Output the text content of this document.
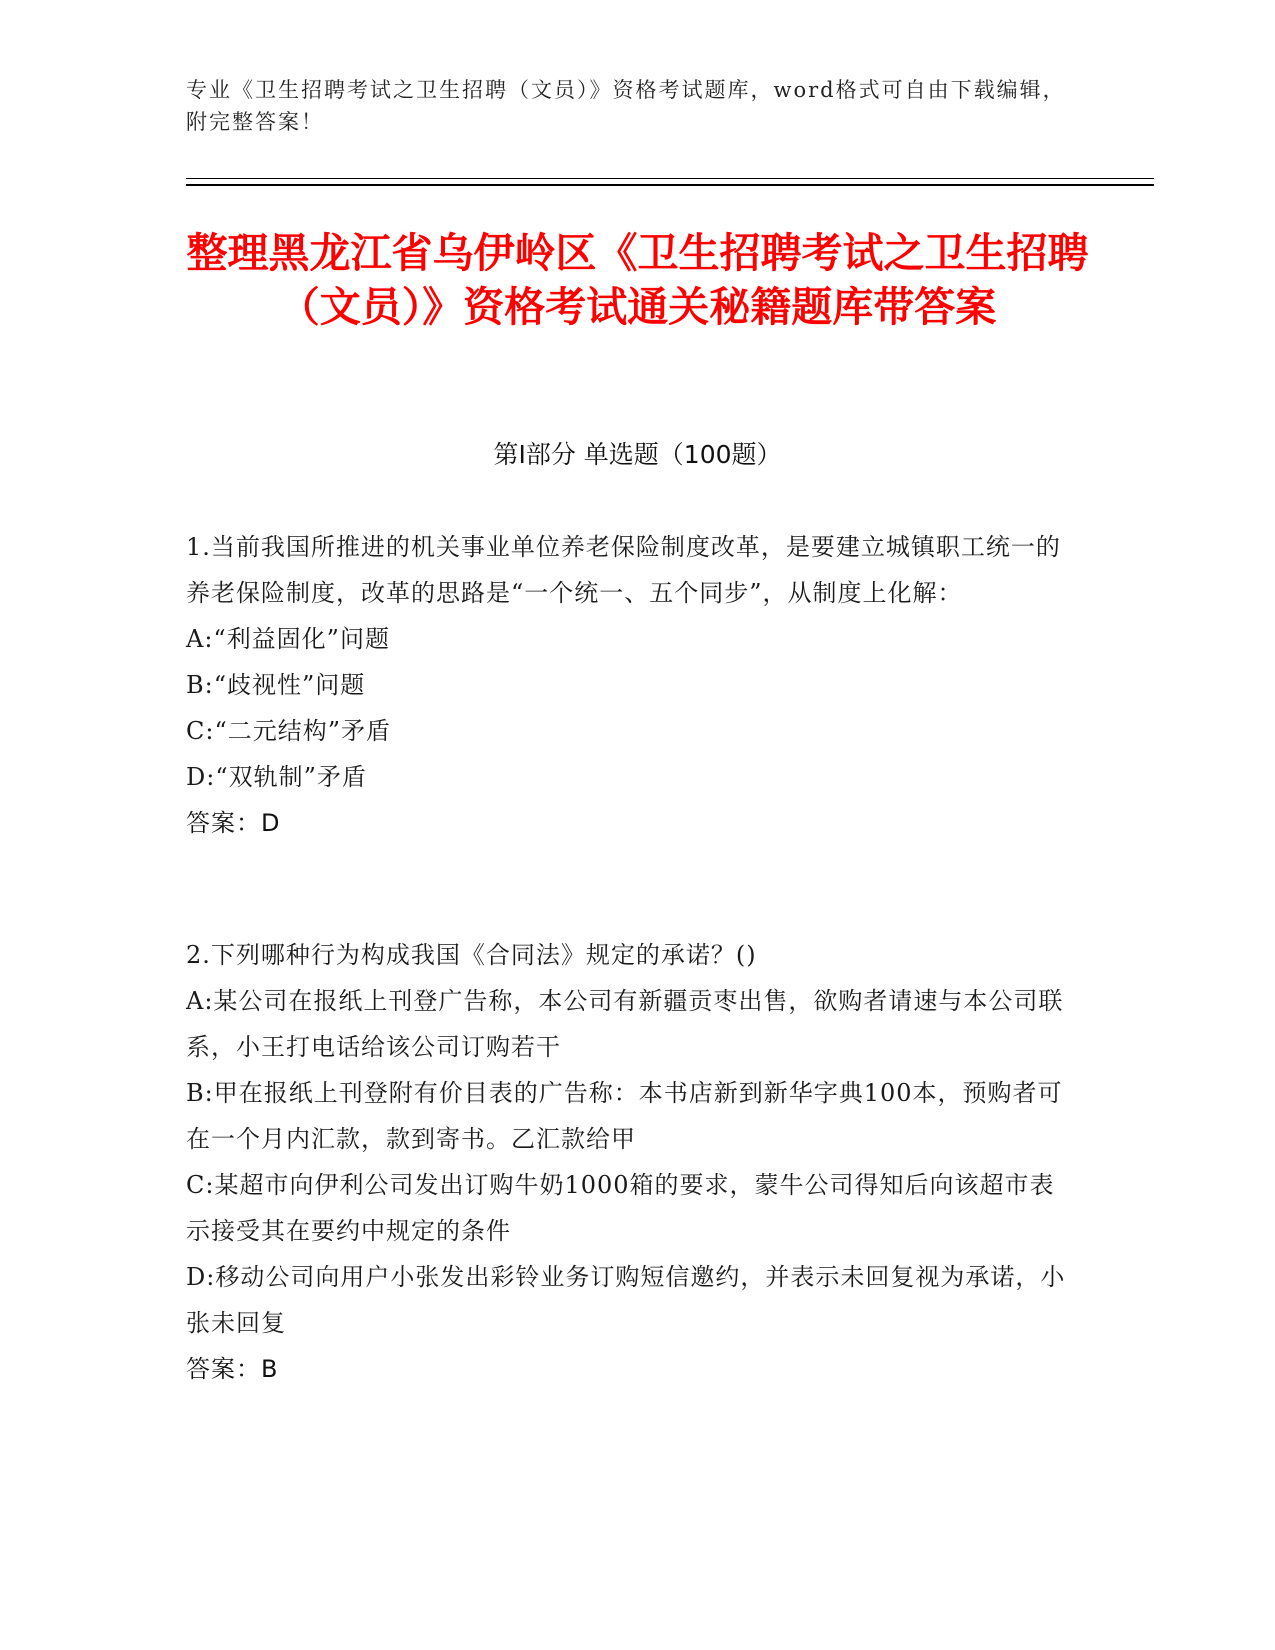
专业《卫生招聘考试之卫生招聘（文员）》资格考试题库，word格式可自由下载编辑，附完整答案！
整理黑龙江省乌伊岭区《卫生招聘考试之卫生招聘（文员）》资格考试通关秘籍题库带答案
第Ⅰ部分 单选题（100题）
1.当前我国所推进的机关事业单位养老保险制度改革，是要建立城镇职工统一的养老保险制度，改革的思路是“一个统一、五个同步”，从制度上化解：
A:“利益固化”问题
B:“歧视性”问题
C:“二元结构”矛盾
D:“双轨制”矛盾
答案：D
2.下列哪种行为构成我国《合同法》规定的承诺？()
A:某公司在报纸上刊登广告称，本公司有新疆贡枣出售，欲购者请速与本公司联系，小王打电话给该公司订购若干
B:甲在报纸上刊登附有价目表的广告称：本书店新到新华字典100本，预购者可在一个月内汇款，款到寄书。乙汇款给甲
C:某超市向伊利公司发出订购牛奶1000箱的要求，蒙牛公司得知后向该超市表示接受其在要约中规定的条件
D:移动公司向用户小张发出彩铃业务订购短信邀约，并表示未回复视为承诺，小张未回复
答案：B
